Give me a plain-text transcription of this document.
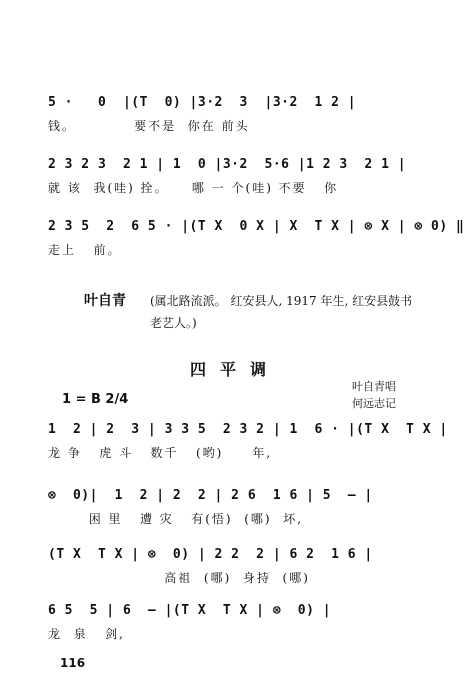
5 ·   0  |(T  0) |3·2  3  |3·2  1 2 |
钱。          要不是  你在 前头
2 3 2 3  2 1 | 1  0 |3·2  5·6 |1 2 3  2 1 |
就 该  我(哇) 拴。    哪 一 个(哇) 不要   你
2 3 5  2  6 5 · |(T X  0 X | X  T X | ⊗ X | ⊗ 0) ‖
走上   前。
叶自青 (属北路流派。 红安县人, 1917 年生, 红安县鼓书老艺人。)
四平调
1 = B 2/4
叶自青唱
何远志记
1  2 | 2  3 | 3 3 5  2 3 2 | 1  6 · |(T X  T X |
龙 争   虎 斗   数千   (哟)     年,
⊗  0)|  1  2 | 2  2 | 2 6  1 6 | 5  — |
困 里   遭 灾   有(悟)  (哪)  坏,
(T X  T X | ⊗  0) | 2 2  2 | 6 2  1 6 |
高祖  (哪)  身持  (哪)
6 5  5 | 6  — |(T X  T X | ⊗  0) |
龙  泉   剑,
116
